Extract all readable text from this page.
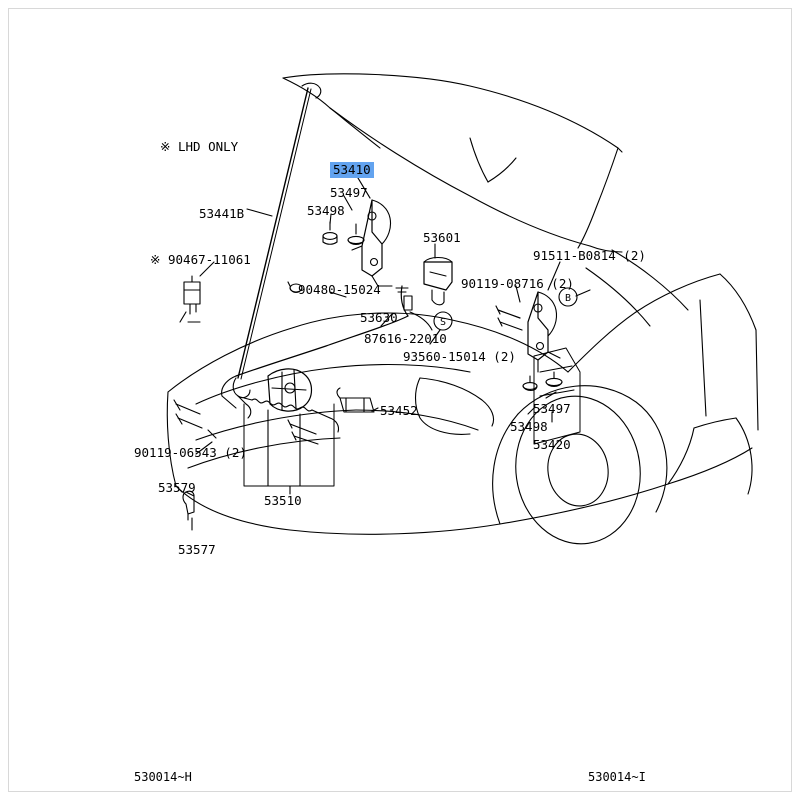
B
S
※ LHD ONLY
53410
53497
53498
53441B
53601
91511-B0814 (2)
※ 90467-11061
90480-15024	90119-08716 (2)
53630
87616-22010
93560-15014 (2)
53452	53497
53498
53420
90119-06543 (2)
53579
53510
53577
530014~H	530014~I
